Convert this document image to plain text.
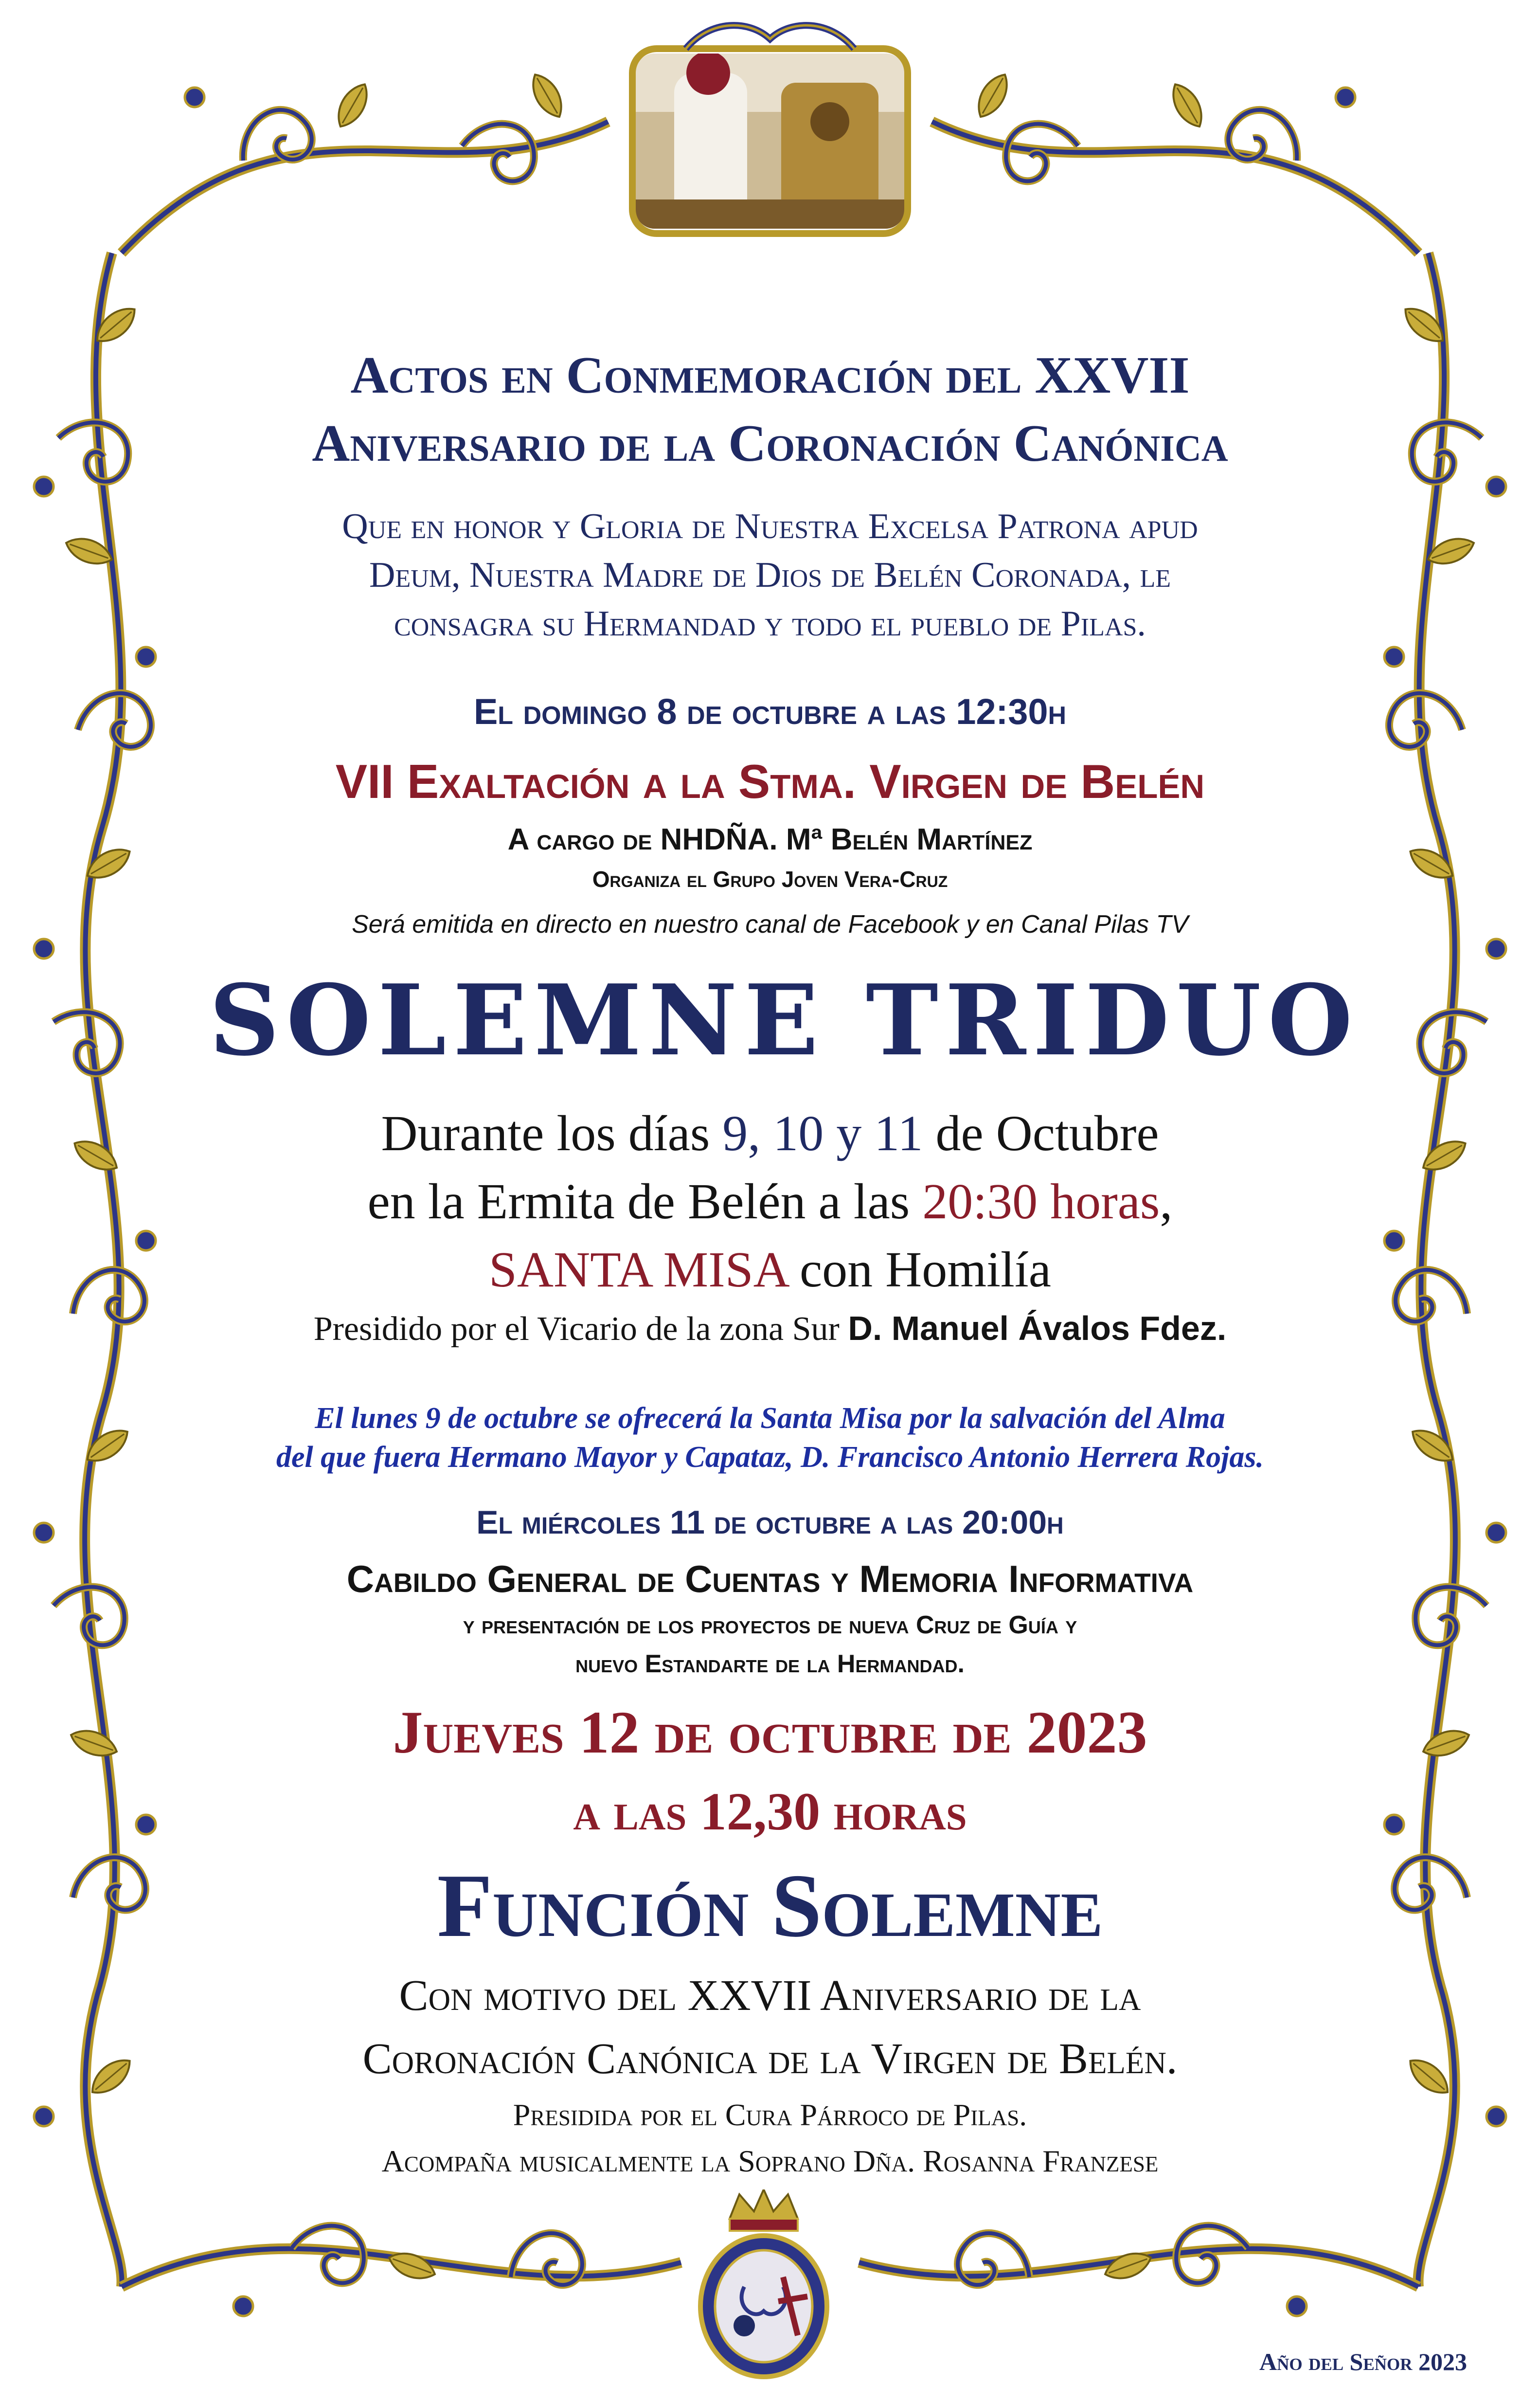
Actos en Conmemoración del XXVII
Aniversario de la Coronación Canónica
Que en honor y Gloria de Nuestra Excelsa Patrona apud
Deum, Nuestra Madre de Dios de Belén Coronada, le
consagra su Hermandad y todo el pueblo de Pilas.
El domingo 8 de octubre a las 12:30h
VII Exaltación a la Stma. Virgen de Belén
A cargo de NHDÑA. Mª Belén Martínez
Organiza el Grupo Joven Vera-Cruz
Será emitida en directo en nuestro canal de Facebook y en Canal Pilas TV
SOLEMNE TRIDUO
Durante los días 9, 10 y 11 de Octubre
en la Ermita de Belén a las 20:30 horas,
SANTA MISA con Homilía
Presidido por el Vicario de la zona Sur D. Manuel Ávalos Fdez.
El lunes 9 de octubre se ofrecerá la Santa Misa por la salvación del Alma
del que fuera Hermano Mayor y Capataz, D. Francisco Antonio Herrera Rojas.
El miércoles 11 de octubre a las 20:00h
Cabildo General de Cuentas y Memoria Informativa
y presentación de los proyectos de nueva Cruz de Guía y
nuevo Estandarte de la Hermandad.
Jueves 12 de octubre de 2023
a las 12,30 horas
Función Solemne
Con motivo del XXVII Aniversario de la
Coronación Canónica de la Virgen de Belén.
Presidida por el Cura Párroco de Pilas.
Acompaña musicalmente la Soprano Dña. Rosanna Franzese
Año del Señor 2023
